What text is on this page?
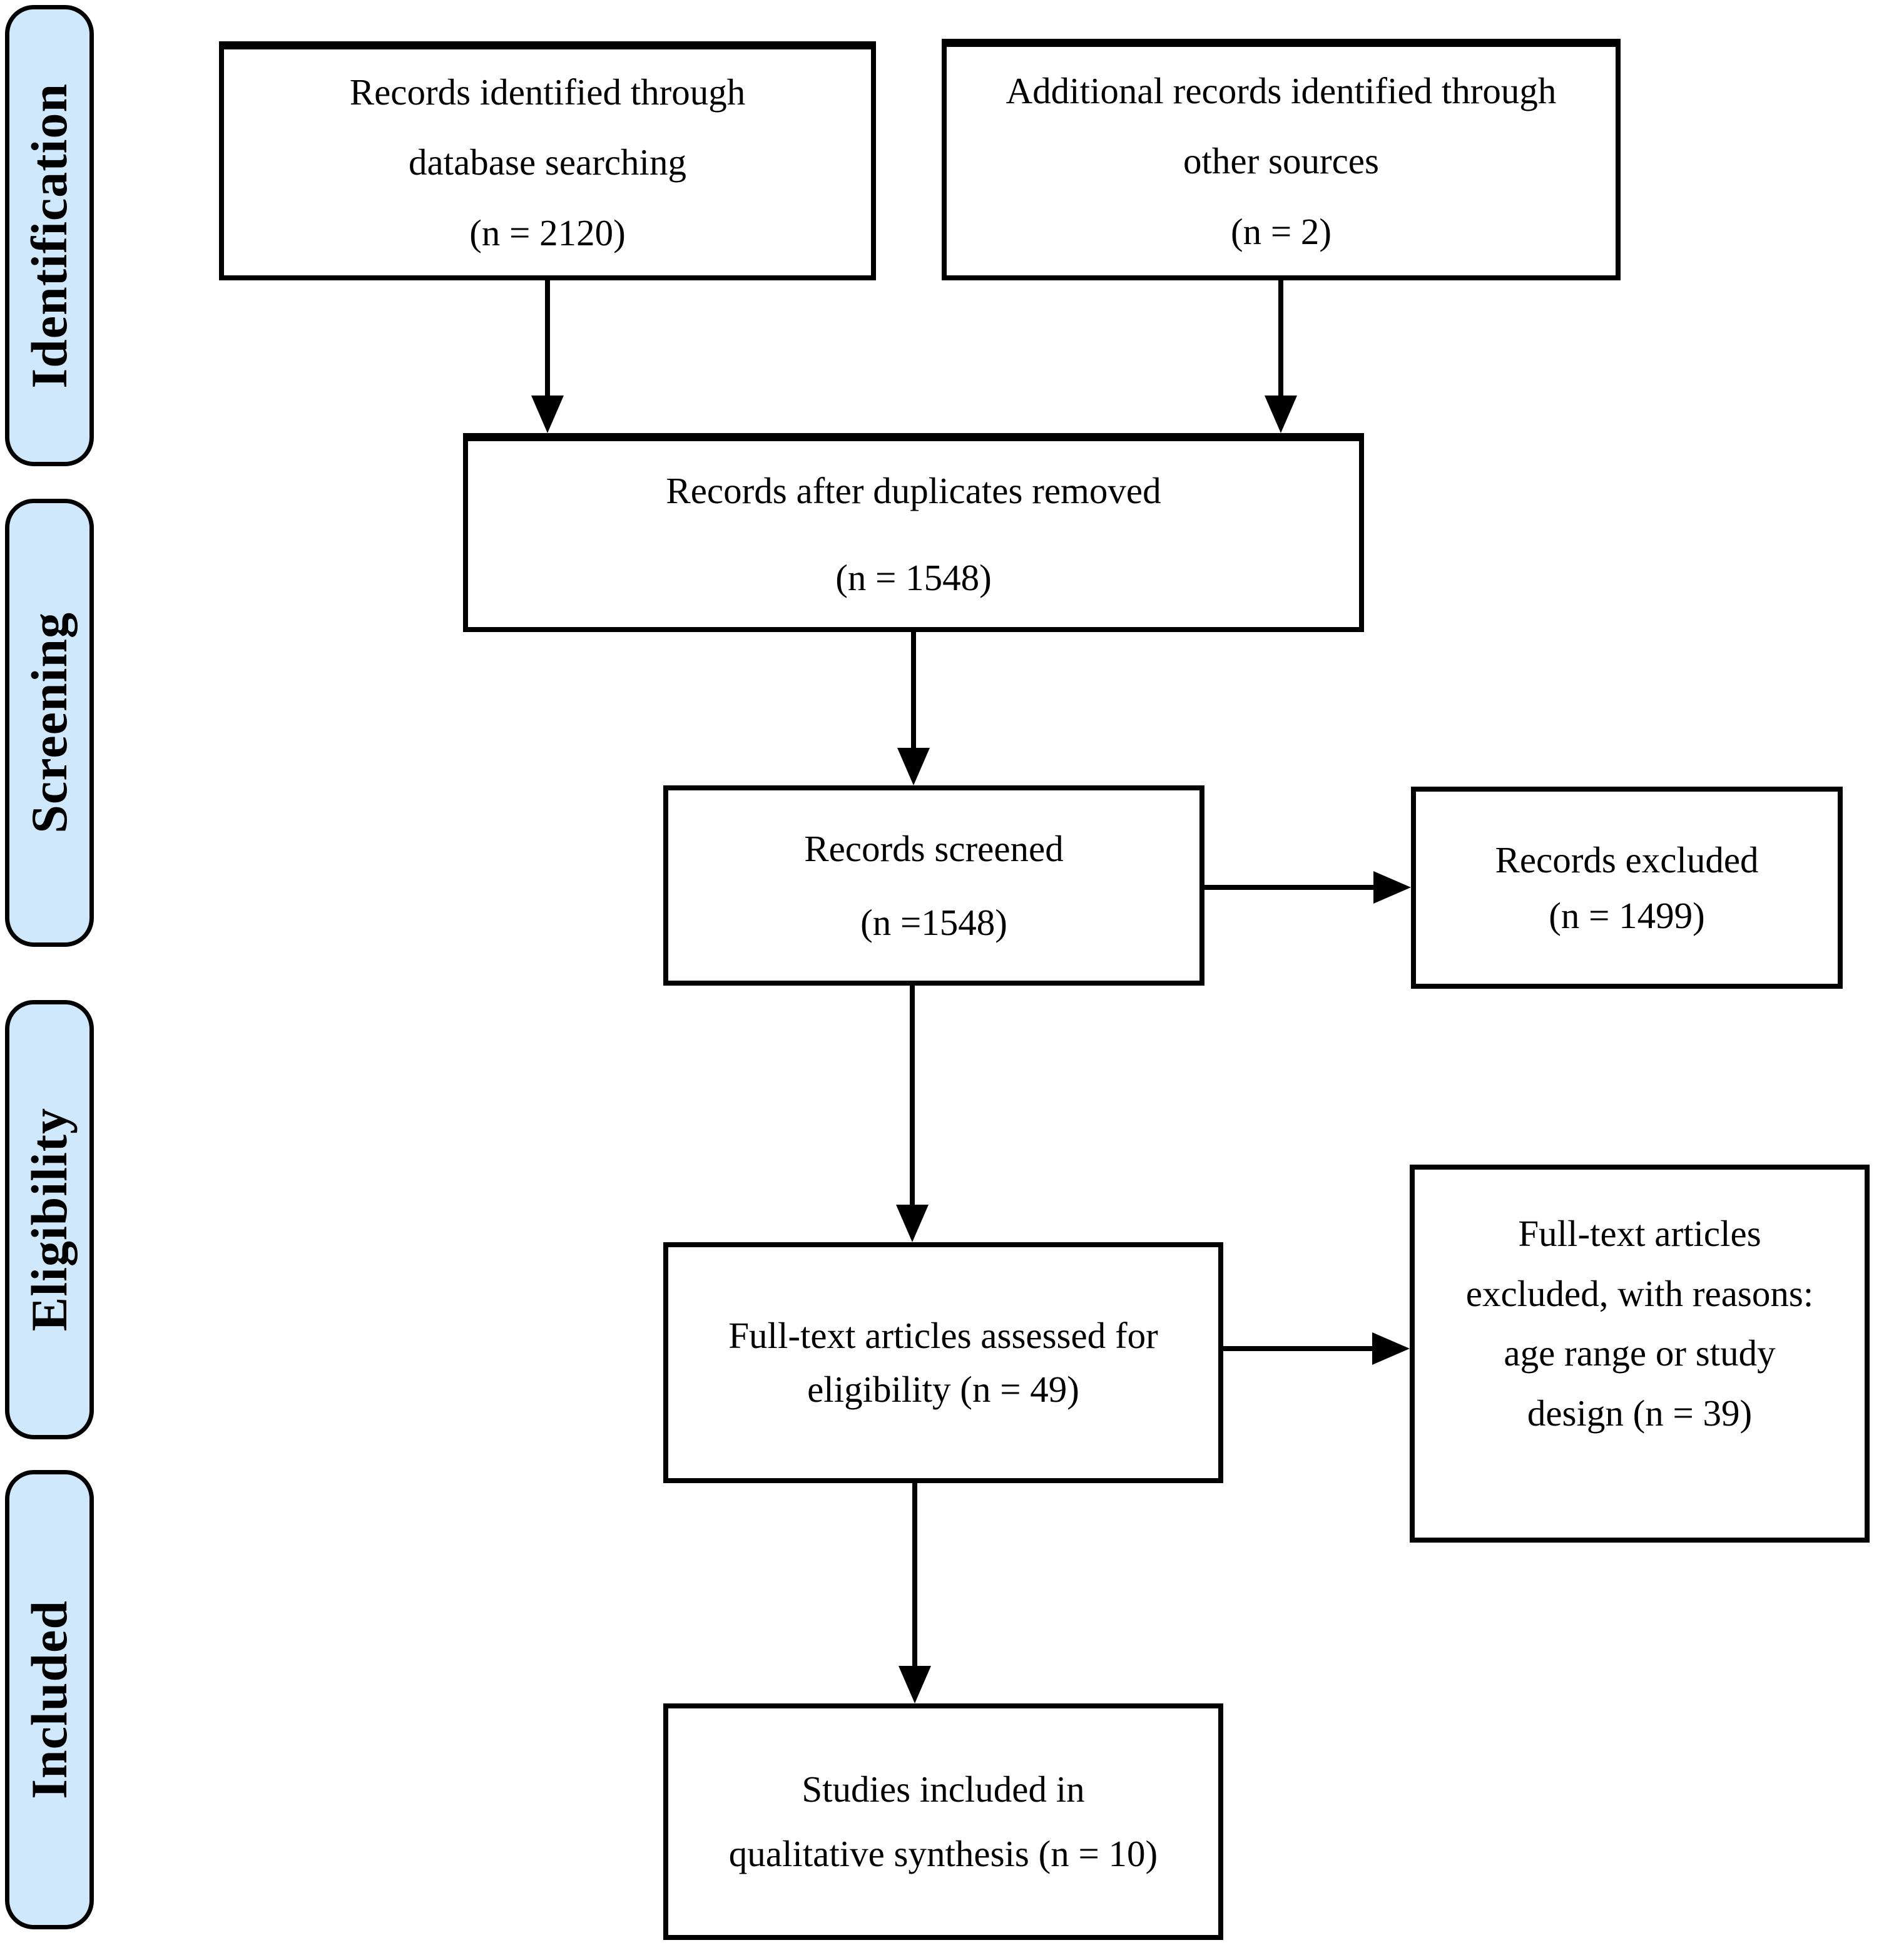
Identification
Screening
Eligibility
Included
Records identified through
database searching
(n = 2120)
Additional records identified through
other sources
(n = 2)
Records after duplicates removed
(n = 1548)
Records screened
(n =1548)
Records excluded
(n = 1499)
Full-text articles assessed for
eligibility (n = 49)
Full-text articles
excluded, with reasons:
age range or study
design (n = 39)
Studies included in
qualitative synthesis (n = 10)
